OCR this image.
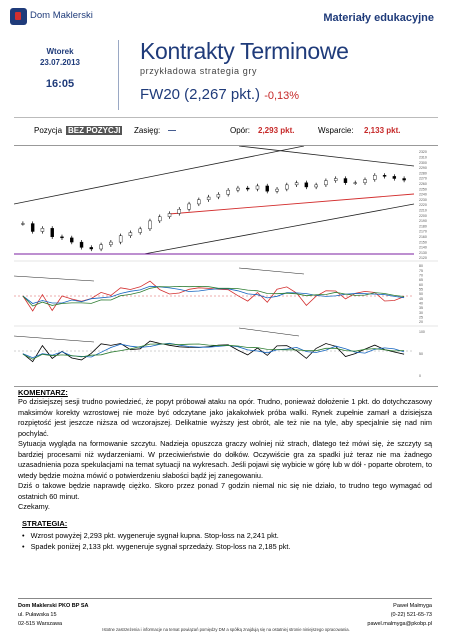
Dom Maklerski	Materiały edukacyjne
Wtorek
23.07.2013
16:05
Kontrakty Terminowe
przykładowa strategia gry
FW20 (2,267 pkt.) -0,13%
Pozycja BEZ POZYCJI Zasięg: —	Opór: 2,293 pkt.	Wsparcie: 2,133 pkt.
2320
2310
2300
2290
2280
2270
2260
2250
2240
2230
2220
2210
2200
2190
2180
2170
2160
2150
2140
2130
2120
80
75
70
65
60
55
50
45
40
35
30
25
20
100
50
0
KOMENTARZ:

Po dzisiejszej sesji trudno powiedzieć, że popyt próbował ataku na opór. Trudno, ponieważ dołożenie 1 pkt. do dotychczasowy maksimów korekty wzrostowej nie może być odczytane jako jakakolwiek próba walki. Rynek zupełnie zamarł a dzisiejsza rozpiętość jest jeszcze niższa od wczorajszej. Delikatnie wyższy jest obrót, ale też nie na tyle, aby specjalnie się nad nim pochylać.

Sytuacja wygląda na formowanie szczytu. Nadzieja opuszcza graczy wolniej niż strach, dlatego też mówi się, że szczyty są bardziej procesami niż wydarzeniami. W przeciwieństwie do dołków. Oczywiście gra za spadki już teraz nie ma żadnego uzasadnienia poza spekulacjami na temat sytuacji na wykresach. Jeśli pojawi się wybicie w górę lub w dół - poparte obrotem, to wtedy będzie można mówić o potwierdzeniu słabości bądź jej zanegowaniu.

Dziś o takowe będzie naprawdę ciężko. Skoro przez ponad 7 godzin niemal nic się nie działo, to trudno tego wymagać od ostatnich 60 minut.

Czekamy.

STRATEGIA:
• Wzrost powyżej 2,293 pkt. wygeneruje sygnał kupna. Stop-loss na 2,241 pkt.
• Spadek poniżej 2,133 pkt. wygeneruje sygnał sprzedaży. Stop-loss na 2,185 pkt.
Dom Maklerski PKO BP SA
ul. Puławska 15
02-515 Warszawa
Paweł Małmyga
(0-22) 521-65-73
pawel.malmyga@pkobp.pl
Istotne zastrzeżenia i informacje na temat powiązań pomiędzy DM a spółką znajdują się na ostatniej stronie niniejszego opracowania.
